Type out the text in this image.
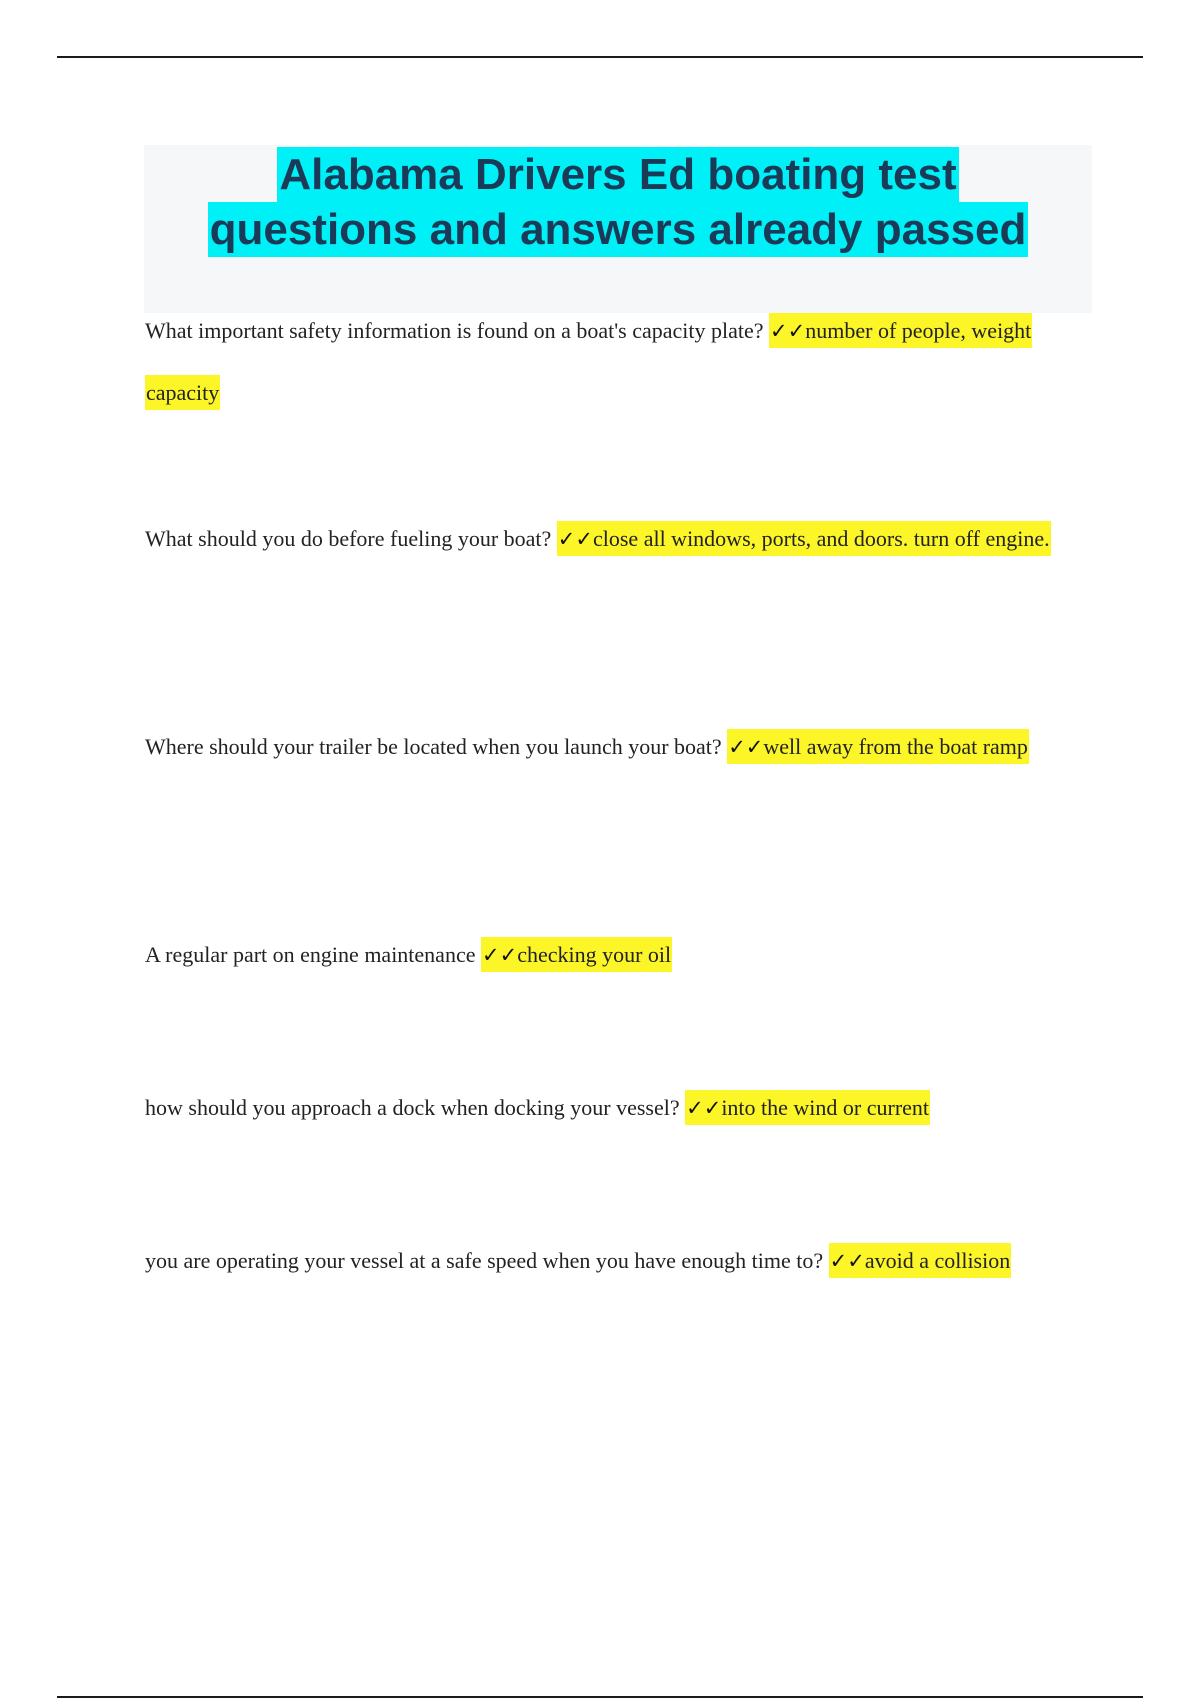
Alabama Drivers Ed boating test
questions and answers already passed

What important safety information is found on a boat's capacity plate? ✓✓number of people, weight capacity

What should you do before fueling your boat? ✓✓close all windows, ports, and doors. turn off engine.

Where should your trailer be located when you launch your boat? ✓✓well away from the boat ramp

A regular part on engine maintenance ✓✓checking your oil

how should you approach a dock when docking your vessel? ✓✓into the wind or current

you are operating your vessel at a safe speed when you have enough time to? ✓✓avoid a collision
